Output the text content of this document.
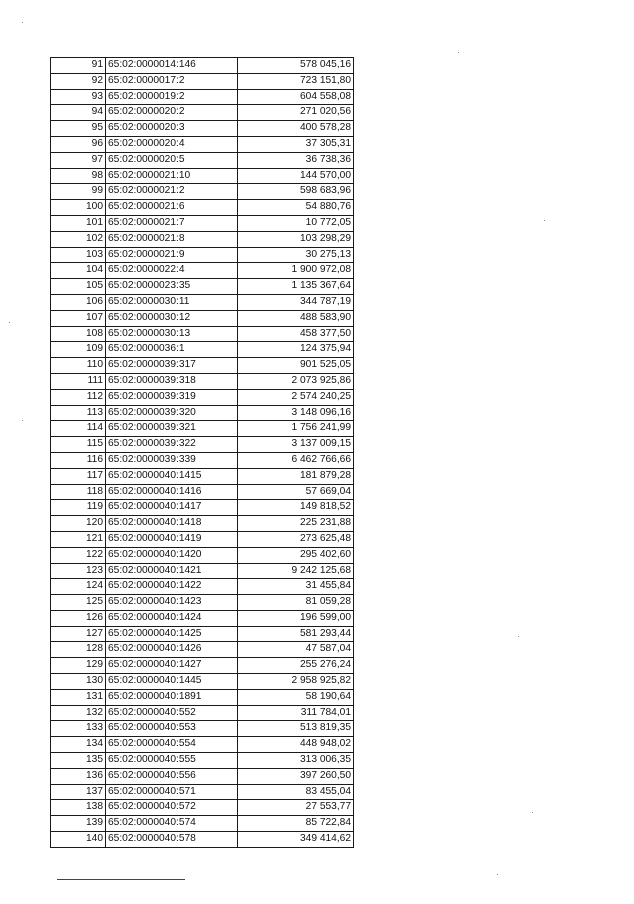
91	65:02:0000014:146	578 045,16
92	65:02:0000017:2	723 151,80
93	65:02:0000019:2	604 558,08
94	65:02:0000020:2	271 020,56
95	65:02:0000020:3	400 578,28
96	65:02:0000020:4	37 305,31
97	65:02:0000020:5	36 738,36
98	65:02:0000021:10	144 570,00
99	65:02:0000021:2	598 683,96
100	65:02:0000021:6	54 880,76
101	65:02:0000021:7	10 772,05
102	65:02:0000021:8	103 298,29
103	65:02:0000021:9	30 275,13
104	65:02:0000022:4	1 900 972,08
105	65:02:0000023:35	1 135 367,64
106	65:02:0000030:11	344 787,19
107	65:02:0000030:12	488 583,90
108	65:02:0000030:13	458 377,50
109	65:02:0000036:1	124 375,94
110	65:02:0000039:317	901 525,05
111	65:02:0000039:318	2 073 925,86
112	65:02:0000039:319	2 574 240,25
113	65:02:0000039:320	3 148 096,16
114	65:02:0000039:321	1 756 241,99
115	65:02:0000039:322	3 137 009,15
116	65:02:0000039:339	6 462 766,66
117	65:02:0000040:1415	181 879,28
118	65:02:0000040:1416	57 669,04
119	65:02:0000040:1417	149 818,52
120	65:02:0000040:1418	225 231,88
121	65:02:0000040:1419	273 625,48
122	65:02:0000040:1420	295 402,60
123	65:02:0000040:1421	9 242 125,68
124	65:02:0000040:1422	31 455,84
125	65:02:0000040:1423	81 059,28
126	65:02:0000040:1424	196 599,00
127	65:02:0000040:1425	581 293,44
128	65:02:0000040:1426	47 587,04
129	65:02:0000040:1427	255 276,24
130	65:02:0000040:1445	2 958 925,82
131	65:02:0000040:1891	58 190,64
132	65:02:0000040:552	311 784,01
133	65:02:0000040:553	513 819,35
134	65:02:0000040:554	448 948,02
135	65:02:0000040:555	313 006,35
136	65:02:0000040:556	397 260,50
137	65:02:0000040:571	83 455,04
138	65:02:0000040:572	27 553,77
139	65:02:0000040:574	85 722,84
140	65:02:0000040:578	349 414,62
